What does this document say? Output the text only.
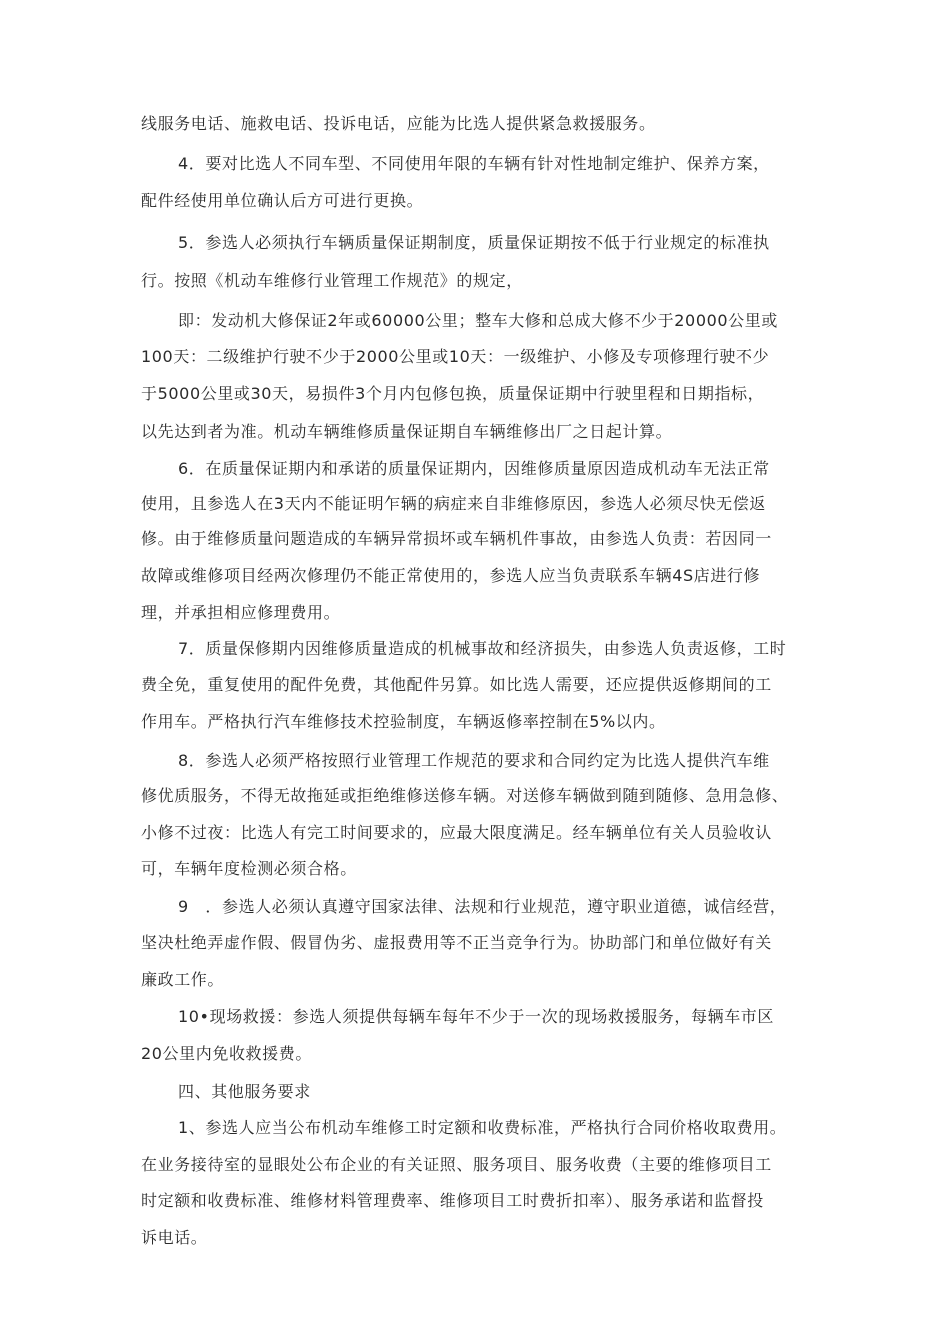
线服务电话、施救电话、投诉电话，应能为比选人提供紧急救援服务。
4．要对比选人不同车型、不同使用年限的车辆有针对性地制定维护、保养方案，
配件经使用单位确认后方可进行更换。
5．参选人必须执行车辆质量保证期制度，质量保证期按不低于行业规定的标准执
行。按照《机动车维修行业管理工作规范》的规定，
即：发动机大修保证2年或60000公里；整车大修和总成大修不少于20000公里或
100天：二级维护行驶不少于2000公里或10天：一级维护、小修及专项修理行驶不少
于5000公里或30天，易损件3个月内包修包换，质量保证期中行驶里程和日期指标，
以先达到者为准。机动车辆维修质量保证期自车辆维修出厂之日起计算。
6．在质量保证期内和承诺的质量保证期内，因维修质量原因造成机动车无法正常
使用，且参选人在3天内不能证明乍辆的病症来自非维修原因，参选人必须尽快无偿返
修。由于维修质量问题造成的车辆异常损坏或车辆机件事故，由参选人负责：若因同一
故障或维修项目经两次修理仍不能正常使用的，参选人应当负责联系车辆4S店进行修
理，并承担相应修理费用。
7．质量保修期内因维修质量造成的机械事故和经济损失，由参选人负责返修，工时
费全免，重复使用的配件免费，其他配件另算。如比选人需要，还应提供返修期间的工
作用车。严格执行汽车维修技术控验制度，车辆返修率控制在5%以内。
8．参选人必须严格按照行业管理工作规范的要求和合同约定为比选人提供汽车维
修优质服务，不得无故拖延或拒绝维修送修车辆。对送修车辆做到随到随修、急用急修、
小修不过夜：比选人有完工时间要求的，应最大限度满足。经车辆单位有关人员验收认
可，车辆年度检测必须合格。
9　．参选人必须认真遵守国家法律、法规和行业规范，遵守职业道德，诚信经营，
坚决杜绝弄虚作假、假冒伪劣、虚报费用等不正当竞争行为。协助部门和单位做好有关
廉政工作。
10•现场救援：参选人须提供每辆车每年不少于一次的现场救援服务，每辆车市区
20公里内免收救援费。
四、其他服务要求
1、参选人应当公布机动车维修工时定额和收费标准，严格执行合同价格收取费用。
在业务接待室的显眼处公布企业的有关证照、服务项目、服务收费（主要的维修项目工
时定额和收费标准、维修材料管理费率、维修项目工时费折扣率）、服务承诺和监督投
诉电话。
